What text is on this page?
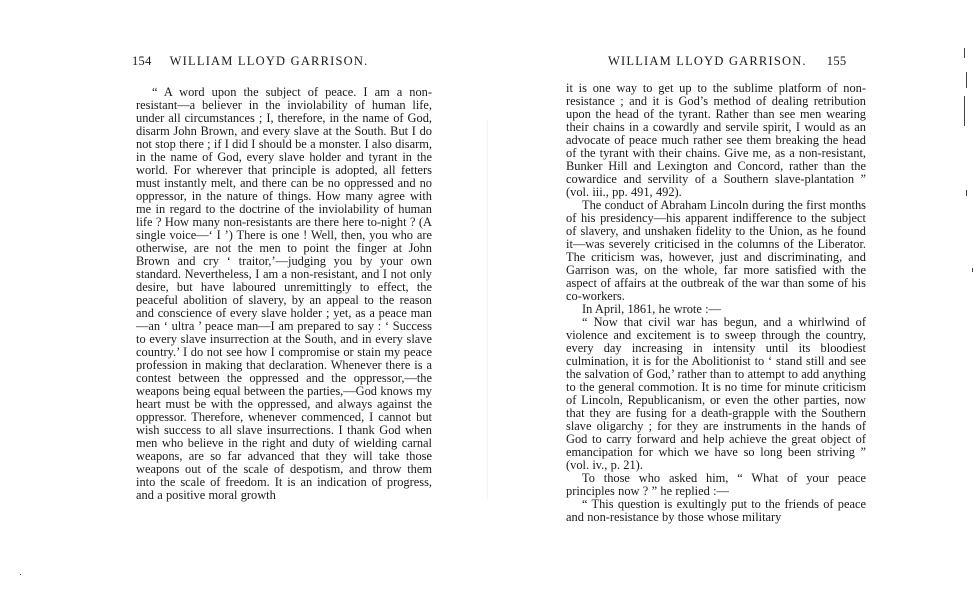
154 WILLIAM LLOYD GARRISON.

“ A word upon the subject of peace. I am a non-resistant—a believer in the inviolability of human life, under all circumstances ; I, therefore, in the name of God, disarm John Brown, and every slave at the South. But I do not stop there ; if I did I should be a monster. I also disarm, in the name of God, every slave holder and tyrant in the world. For wherever that principle is adopted, all fetters must instantly melt, and there can be no oppressed and no oppressor, in the nature of things. How many agree with me in regard to the doctrine of the inviolability of human life ? How many non-resistants are there here to-night ? (A single voice—‘ I ’) There is one ! Well, then, you who are otherwise, are not the men to point the finger at John Brown and cry ‘ traitor,’—judging you by your own standard. Nevertheless, I am a non-resistant, and I not only desire, but have laboured unremittingly to effect, the peaceful abolition of slavery, by an appeal to the reason and conscience of every slave holder ; yet, as a peace man—an ‘ ultra ’ peace man—I am prepared to say : ‘ Success to every slave insurrection at the South, and in every slave country.’ I do not see how I compromise or stain my peace profession in making that declaration. Whenever there is a contest between the oppressed and the oppressor,—the weapons being equal between the parties,—God knows my heart must be with the oppressed, and always against the oppressor. Therefore, whenever commenced, I cannot but wish success to all slave insurrections. I thank God when men who believe in the right and duty of wielding carnal weapons, are so far advanced that they will take those weapons out of the scale of despotism, and throw them into the scale of freedom. It is an indication of progress, and a positive moral growth

WILLIAM LLOYD GARRISON. 155

it is one way to get up to the sublime platform of non-resistance ; and it is God’s method of dealing retribution upon the head of the tyrant. Rather than see men wearing their chains in a cowardly and servile spirit, I would as an advocate of peace much rather see them breaking the head of the tyrant with their chains. Give me, as a non-resistant, Bunker Hill and Lexington and Concord, rather than the cowardice and servility of a Southern slave-plantation ” (vol. iii., pp. 491, 492).

The conduct of Abraham Lincoln during the first months of his presidency—his apparent indifference to the subject of slavery, and unshaken fidelity to the Union, as he found it—was severely criticised in the columns of the Liberator. The criticism was, however, just and discriminating, and Garrison was, on the whole, far more satisfied with the aspect of affairs at the outbreak of the war than some of his co-workers.

In April, 1861, he wrote :—

“ Now that civil war has begun, and a whirlwind of violence and excitement is to sweep through the country, every day increasing in intensity until its bloodiest culmination, it is for the Abolitionist to ‘ stand still and see the salvation of God,’ rather than to attempt to add anything to the general commotion. It is no time for minute criticism of Lincoln, Republicanism, or even the other parties, now that they are fusing for a death-grapple with the Southern slave oligarchy ; for they are instruments in the hands of God to carry forward and help achieve the great object of emancipation for which we have so long been striving ” (vol. iv., p. 21).

To those who asked him, “ What of your peace principles now ? ” he replied :—

“ This question is exultingly put to the friends of peace and non-resistance by those whose military
